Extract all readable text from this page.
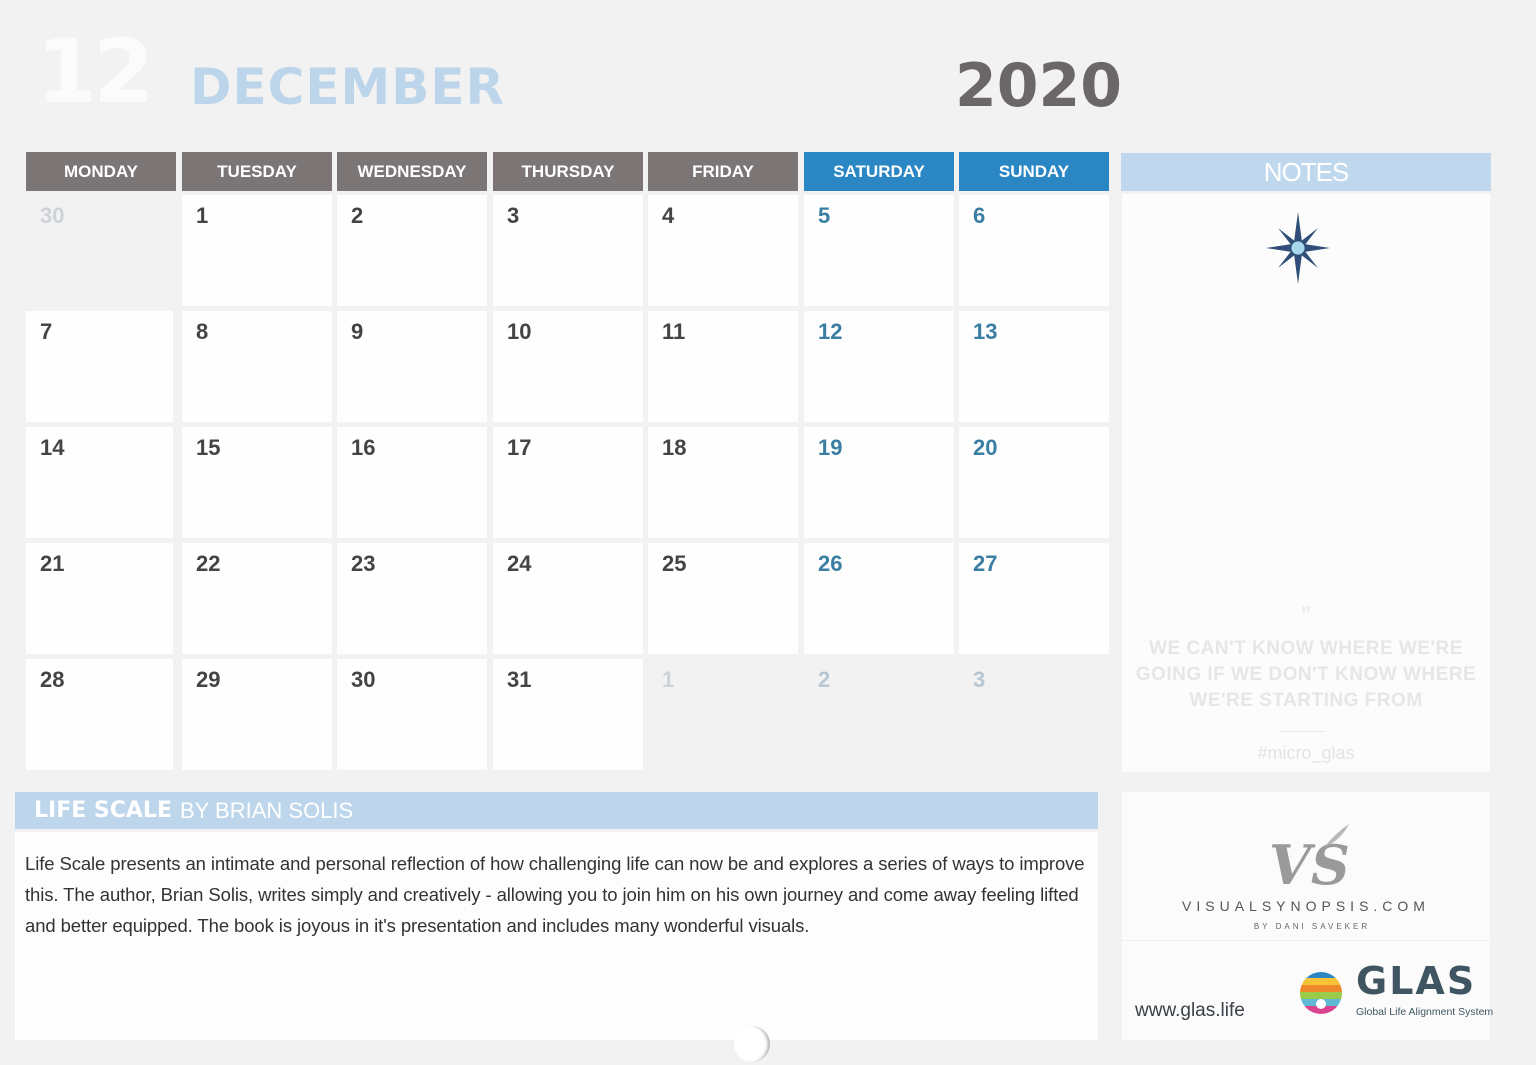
12 DECEMBER	2020
MONDAY	TUESDAY	WEDNESDAY	THURSDAY	FRIDAY	SATURDAY	SUNDAY
30	1	2	3	4	5	6
7	8	9	10	11	12	13
14	15	16	17	18	19	20
21	22	23	24	25	26	27
28	29	30	31	1	2	3
NOTES
”
WE CAN'T KNOW WHERE WE'RE GOING IF WE DON'T KNOW WHERE WE'RE STARTING FROM
#micro_glas
LIFE SCALE BY BRIAN SOLIS
Life Scale presents an intimate and personal reflection of how challenging life can now be and explores a series of ways to improve this. The author, Brian Solis, writes simply and creatively - allowing you to join him on his own journey and come away feeling lifted and better equipped. The book is joyous in it's presentation and includes many wonderful visuals.
VS
VISUALSYNOPSIS.COM
BY DANI SAVEKER
www.glas.life
GLAS
Global Life Alignment System
